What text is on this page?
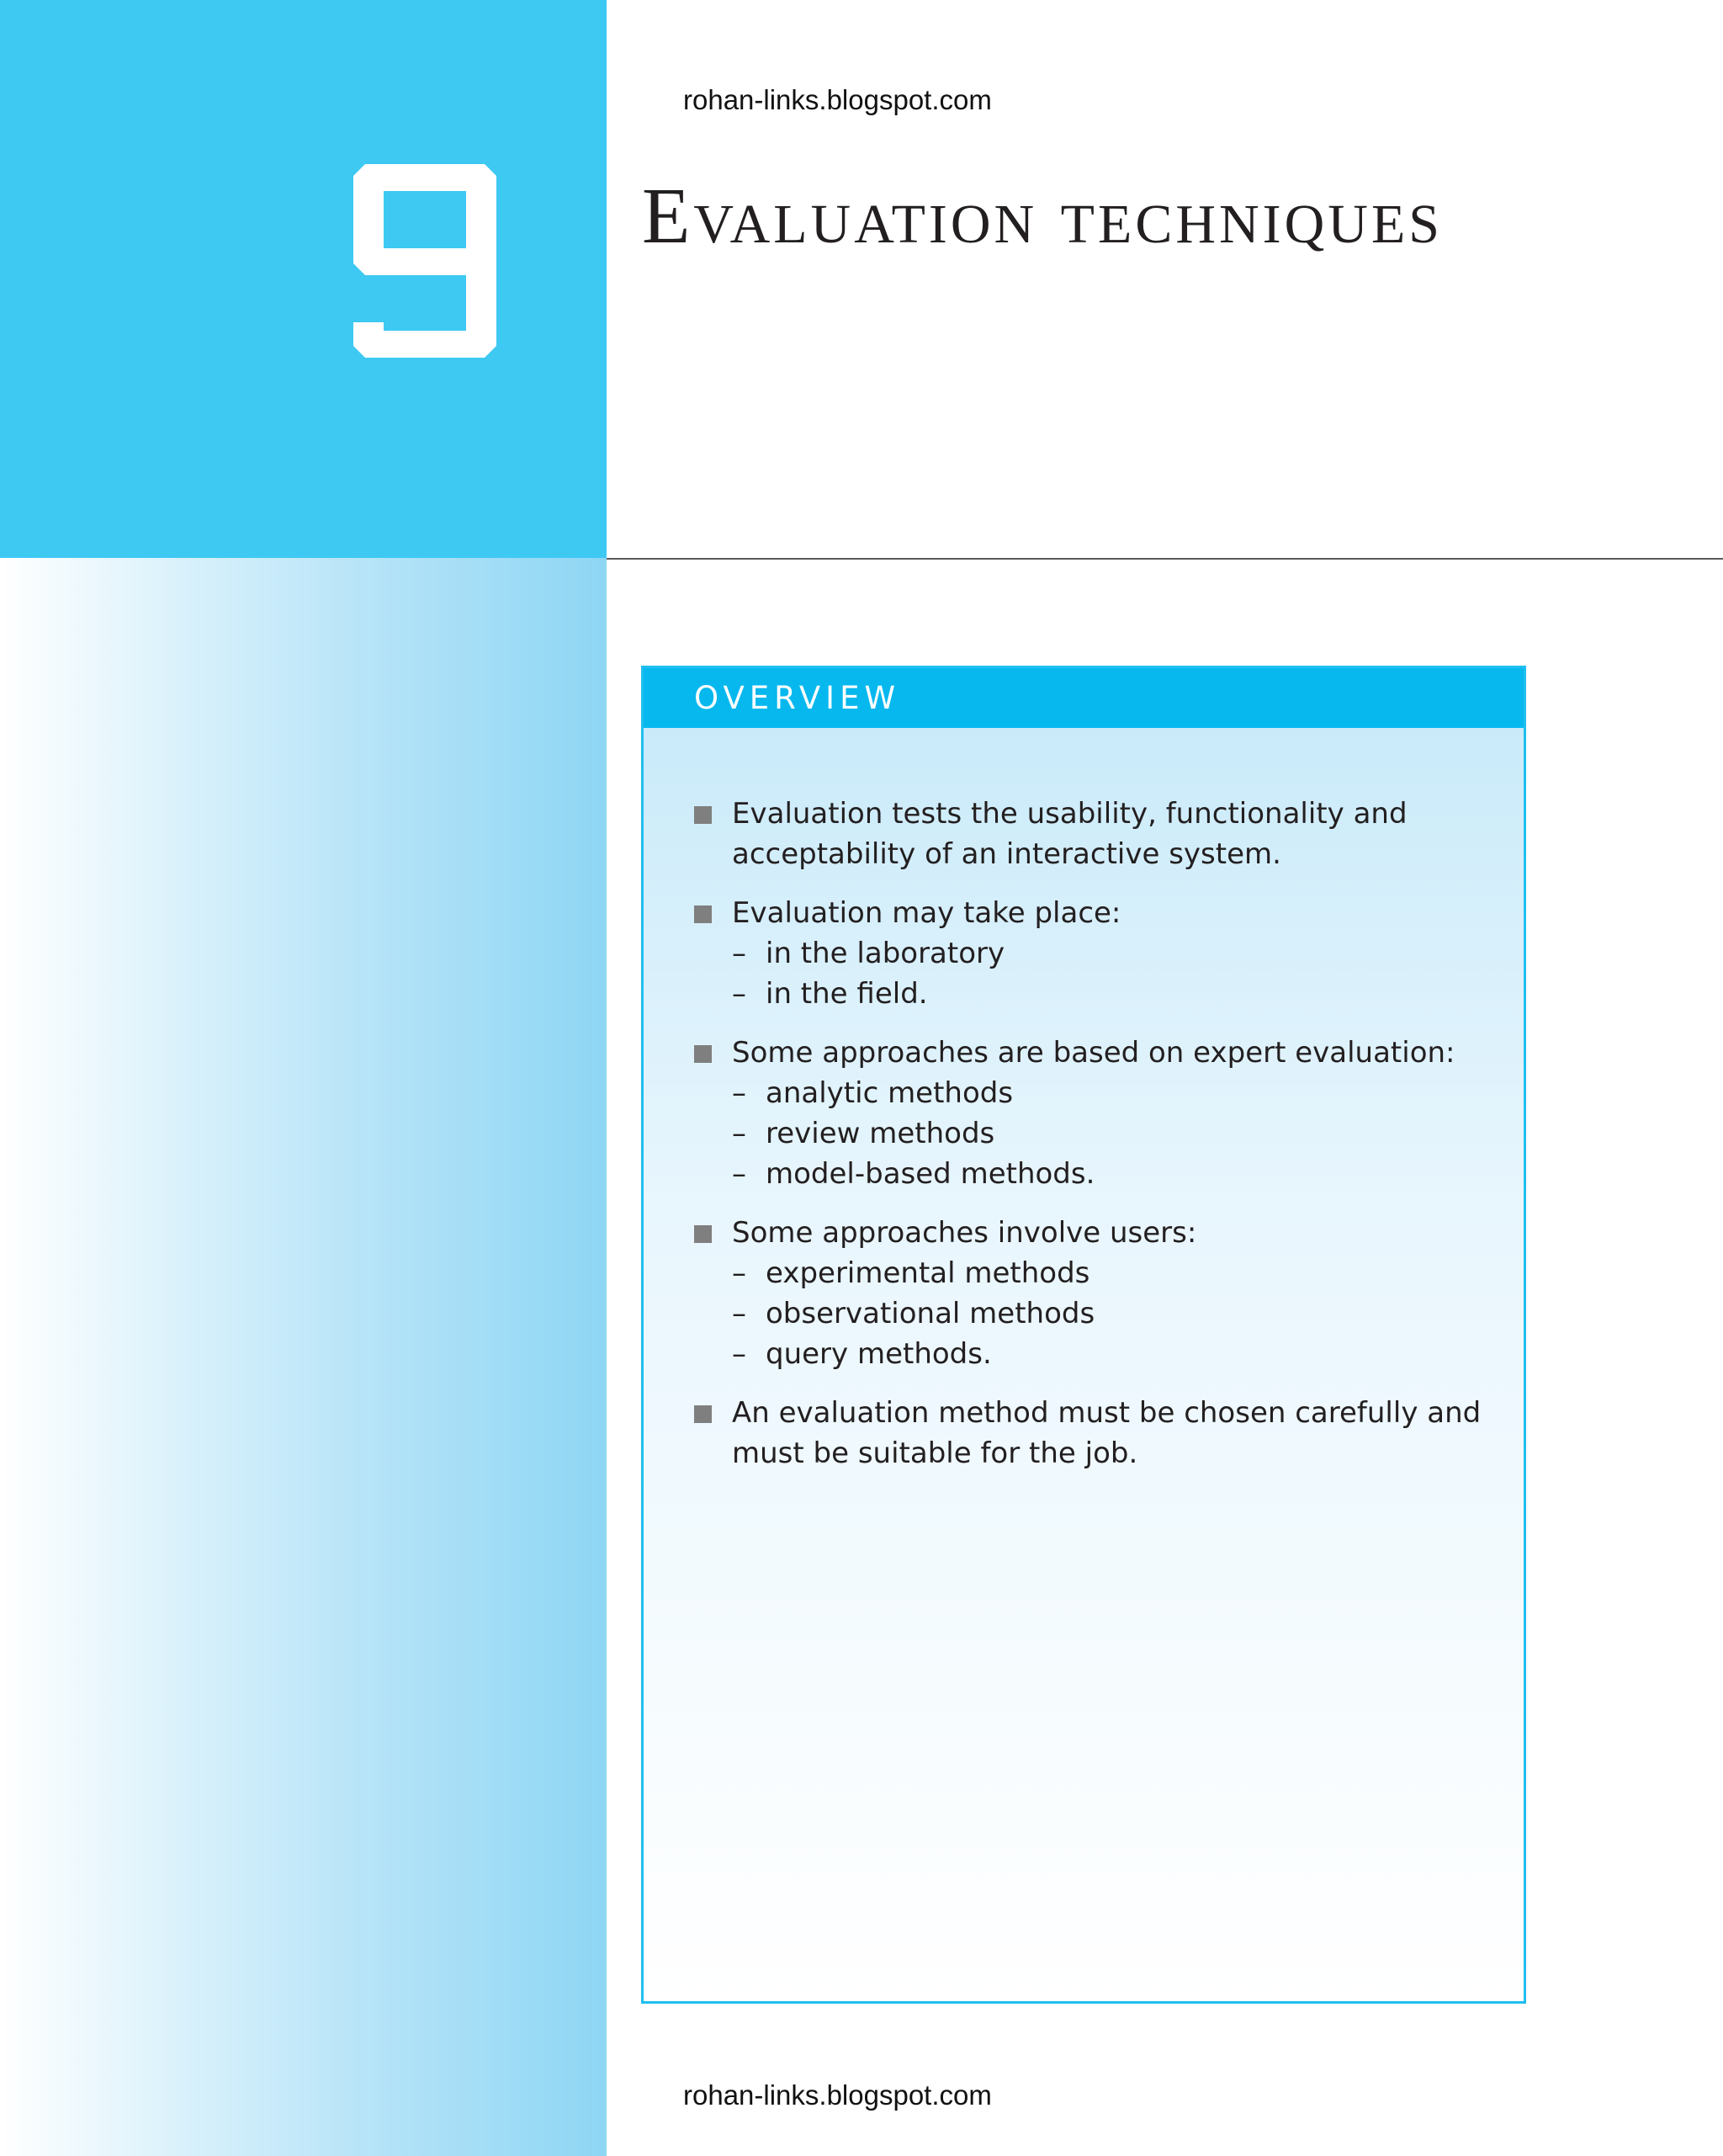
rohan-links.blogspot.com
Evaluation techniques
OVERVIEW
Evaluation tests the usability, functionality and acceptability of an interactive system.
Evaluation may take place:
– in the laboratory
– in the field.
Some approaches are based on expert evaluation:
– analytic methods
– review methods
– model-based methods.
Some approaches involve users:
– experimental methods
– observational methods
– query methods.
An evaluation method must be chosen carefully and must be suitable for the job.
rohan-links.blogspot.com
